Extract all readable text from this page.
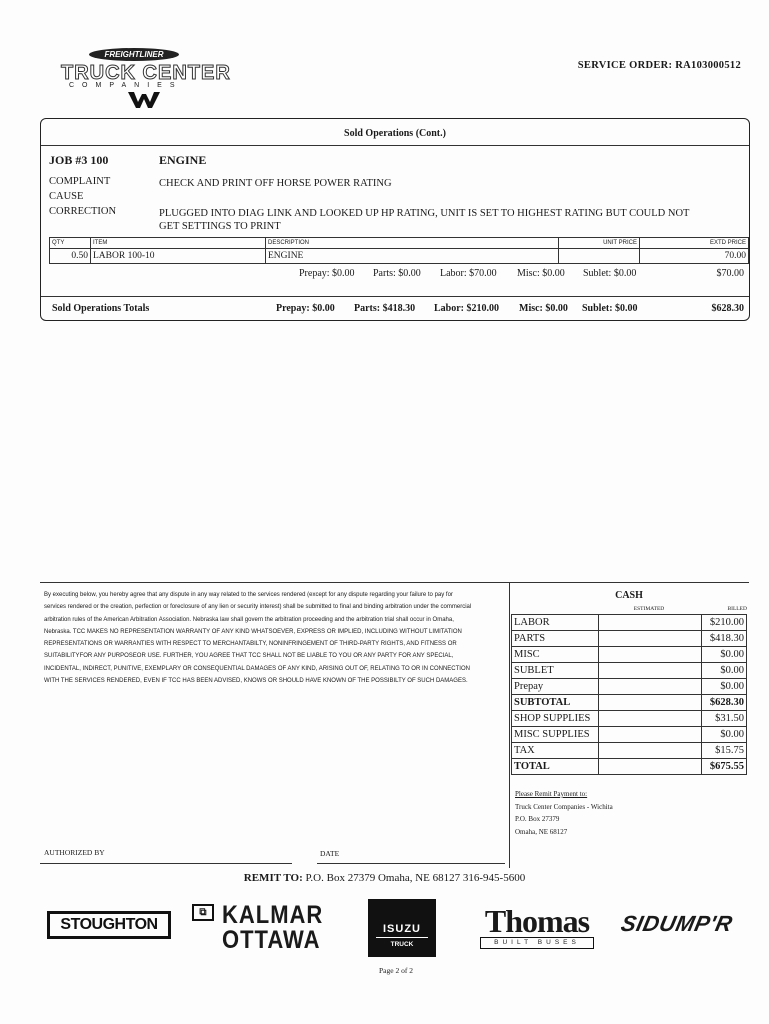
FREIGHTLINER
TRUCK CENTER
COMPANIES
SERVICE ORDER: RA103000512
Sold Operations (Cont.)
JOB #3 100	ENGINE
COMPLAINT	CHECK AND PRINT OFF HORSE POWER RATING
CAUSE
CORRECTION	PLUGGED INTO DIAG LINK AND LOOKED UP HP RATING, UNIT IS SET TO HIGHEST RATING BUT COULD NOT
GET SETTINGS TO PRINT
QTY	ITEM	DESCRIPTION	UNIT PRICE	EXTD PRICE
0.50	LABOR 100-10	ENGINE		70.00
Prepay: $0.00 Parts: $0.00 Labor: $70.00 Misc: $0.00 Sublet: $0.00	$70.00
Sold Operations Totals	Prepay: $0.00 Parts: $418.30 Labor: $210.00 Misc: $0.00 Sublet: $0.00	$628.30
By executing below, you hereby agree that any dispute in any way related to the services rendered (except for any dispute regarding your failure to pay for services rendered or the creation, perfection or foreclosure of any lien or security interest) shall be submitted to final and binding arbitration under the commercial arbitration rules of the American Arbitration Association. Nebraska law shall govern the arbitration proceeding and the arbitration trial shall occur in Omaha, Nebraska. TCC MAKES NO REPRESENTATION WARRANTY OF ANY KIND WHATSOEVER, EXPRESS OR IMPLIED, INCLUDING WITHOUT LIMITATION REPRESENTATIONS OR WARRANTIES WITH RESPECT TO MERCHANTABILTY, NONINFRINGEMENT OF THIRD-PARTY RIGHTS, AND FITNESS OR SUITABILITYFOR ANY PURPOSEOR USE. FURTHER, YOU AGREE THAT TCC SHALL NOT BE LIABLE TO YOU OR ANY PARTY FOR ANY SPECIAL, INCIDENTAL, INDIRECT, PUNITIVE, EXEMPLARY OR CONSEQUENTIAL DAMAGES OF ANY KIND, ARISING OUT OF, RELATING TO OR IN CONNECTION WITH THE SERVICES RENDERED, EVEN IF TCC HAS BEEN ADVISED, KNOWS OR SHOULD HAVE KNOWN OF THE POSSIBILTY OF SUCH DAMAGES.
CASH
ESTIMATED	BILLED
LABOR		$210.00
PARTS		$418.30
MISC		$0.00
SUBLET		$0.00
Prepay		$0.00
SUBTOTAL		$628.30
SHOP SUPPLIES		$31.50
MISC SUPPLIES		$0.00
TAX		$15.75
TOTAL		$675.55
Please Remit Payment to:
Truck Center Companies - Wichita
P.O. Box 27379
Omaha, NE 68127
AUTHORIZED BY	DATE
REMIT TO: P.O. Box 27379 Omaha, NE 68127 316-945-5600
STOUGHTON
⧉ KALMAR
OTTAWA	ISUZU
TRUCK
Thomas
BUILT BUSES
SIDUMP'R
Page 2 of 2
